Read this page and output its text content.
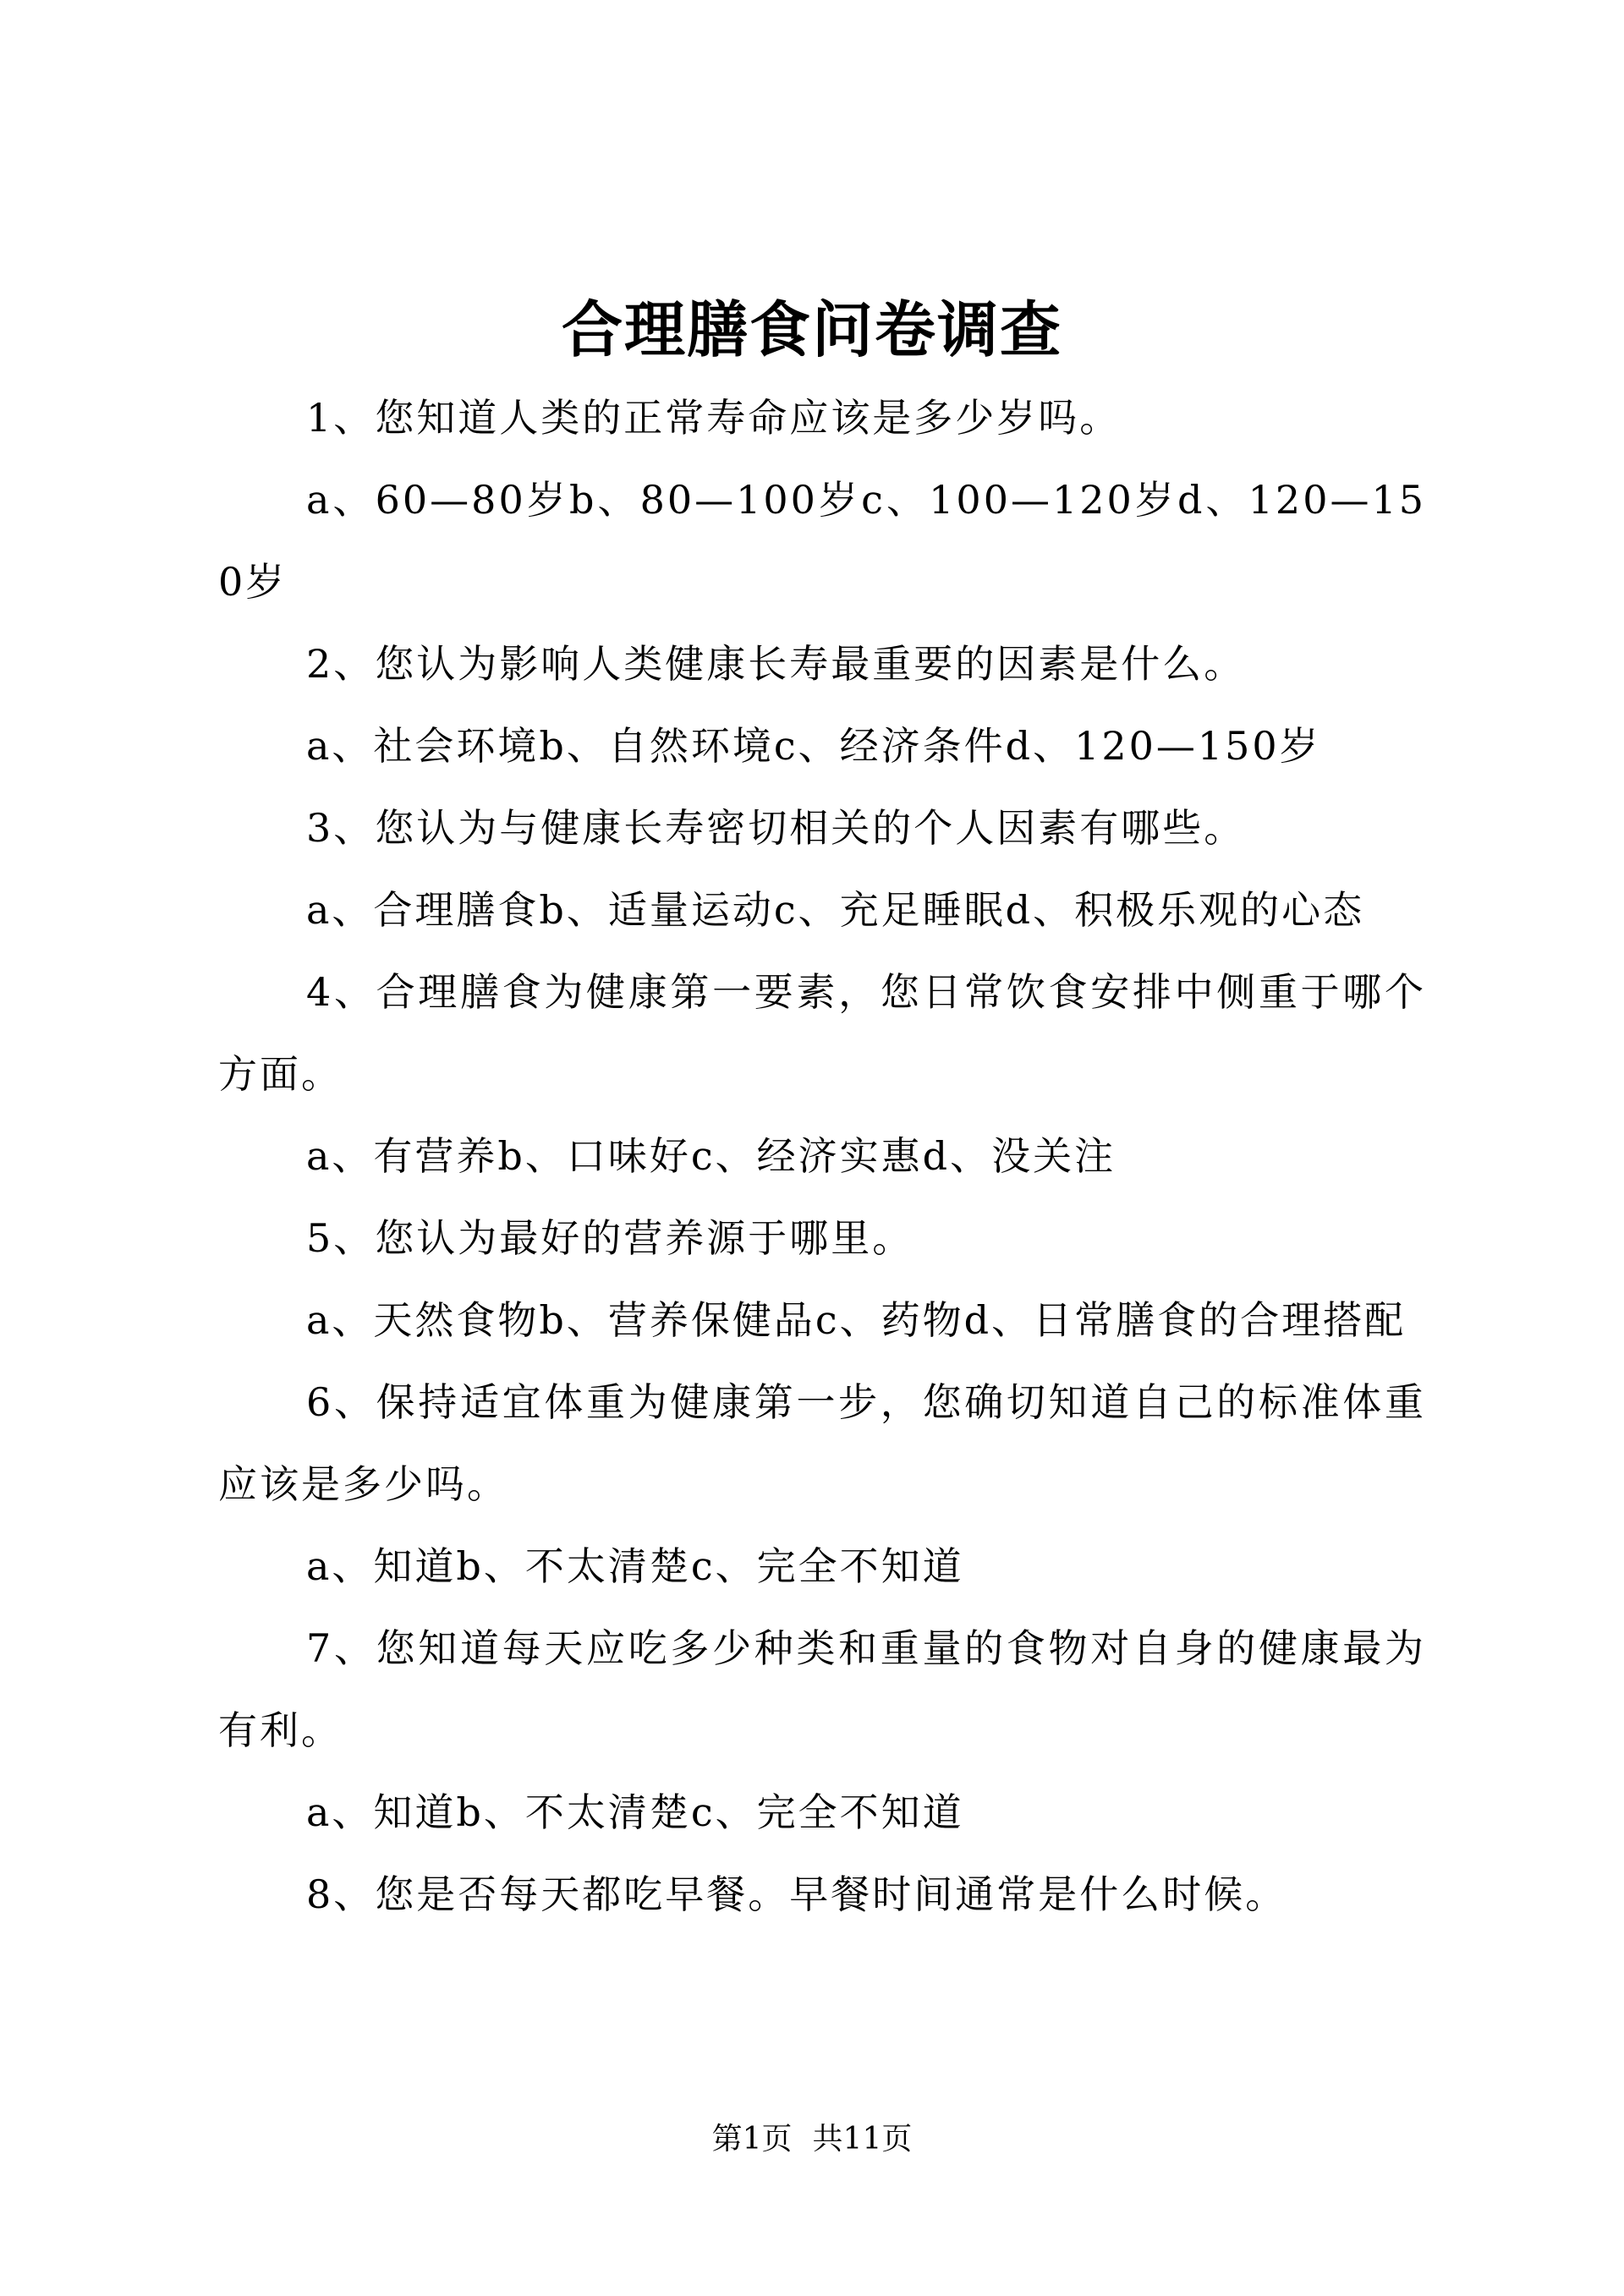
合理膳食问卷调查

1、您知道人类的正常寿命应该是多少岁吗。

a、60—80岁b、80—100岁c、100—120岁d、120—150岁

2、您认为影响人类健康长寿最重要的因素是什么。

a、社会环境b、自然环境c、经济条件d、120—150岁

3、您认为与健康长寿密切相关的个人因素有哪些。

a、合理膳食b、适量运动c、充足睡眠d、积极乐观的心态

4、合理膳食为健康第一要素，您日常饮食安排中侧重于哪个方面。

a、有营养b、口味好c、经济实惠d、没关注

5、您认为最好的营养源于哪里。

a、天然食物b、营养保健品c、药物d、日常膳食的合理搭配

6、保持适宜体重为健康第一步，您确切知道自己的标准体重应该是多少吗。

a、知道b、不太清楚c、完全不知道

7、您知道每天应吃多少种类和重量的食物对自身的健康最为有利。

a、知道b、不太清楚c、完全不知道

8、您是否每天都吃早餐。早餐时间通常是什么时候。

第1页 共11页
